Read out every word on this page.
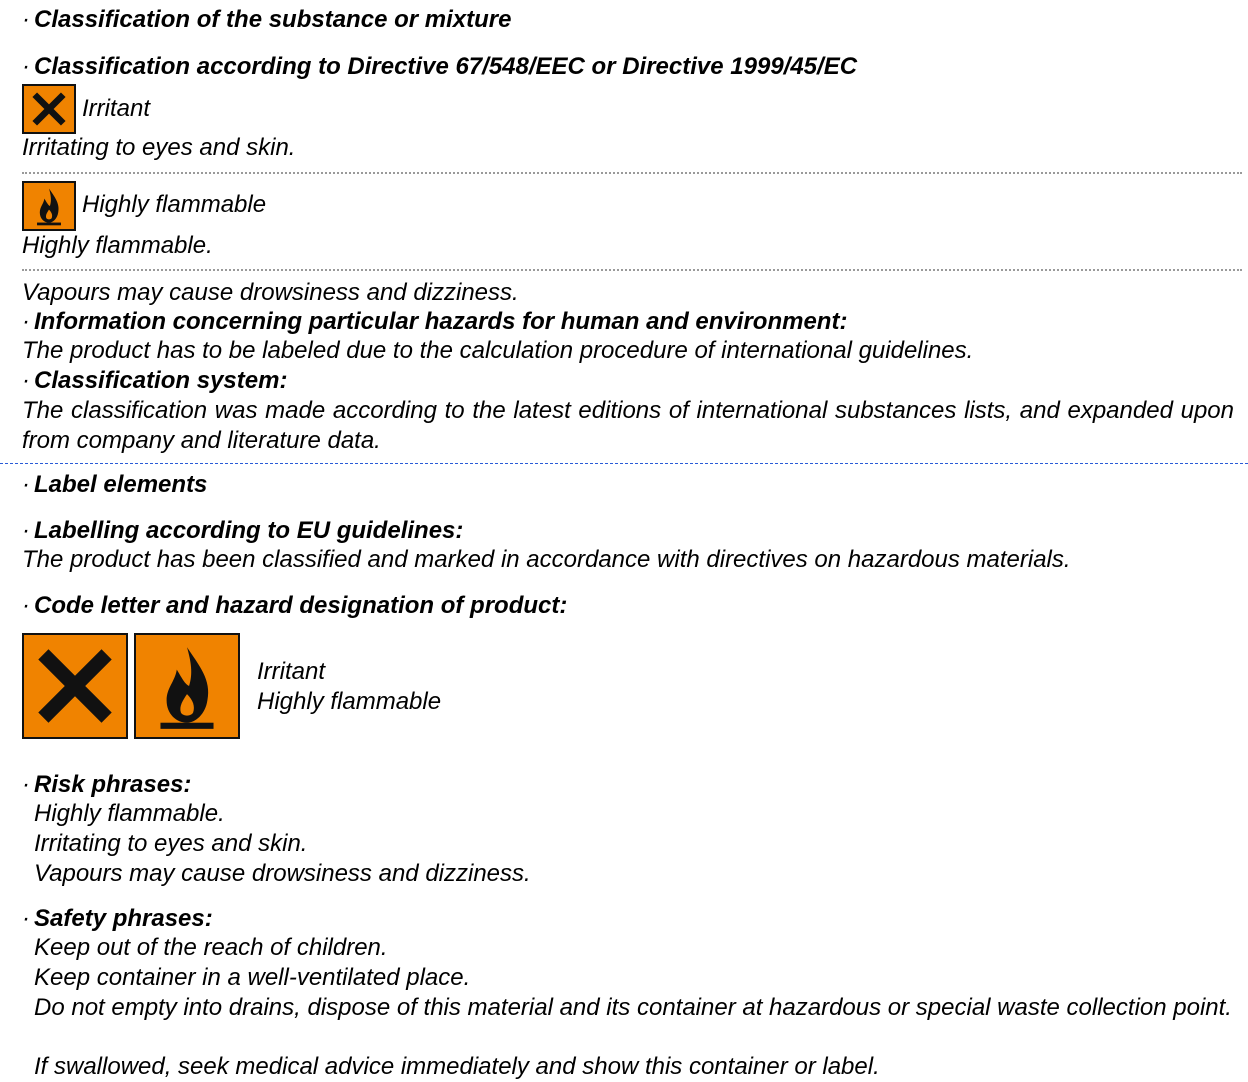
· Classification of the substance or mixture
· Classification according to Directive 67/548/EEC or Directive 1999/45/EC
Irritant
Irritating to eyes and skin.
Highly flammable
Highly flammable.
Vapours may cause drowsiness and dizziness.
· Information concerning particular hazards for human and environment:
The product has to be labeled due to the calculation procedure of international guidelines.
· Classification system:
The classification was made according to the latest editions of international substances lists, and expanded upon from company and literature data.
· Label elements
· Labelling according to EU guidelines:
The product has been classified and marked in accordance with directives on hazardous materials.
· Code letter and hazard designation of product:
Irritant
Highly flammable
· Risk phrases:
Highly flammable.
Irritating to eyes and skin.
Vapours may cause drowsiness and dizziness.
· Safety phrases:
Keep out of the reach of children.
Keep container in a well-ventilated place.
Do not empty into drains, dispose of this material and its container at hazardous or special waste collection point.
If swallowed, seek medical advice immediately and show this container or label.
